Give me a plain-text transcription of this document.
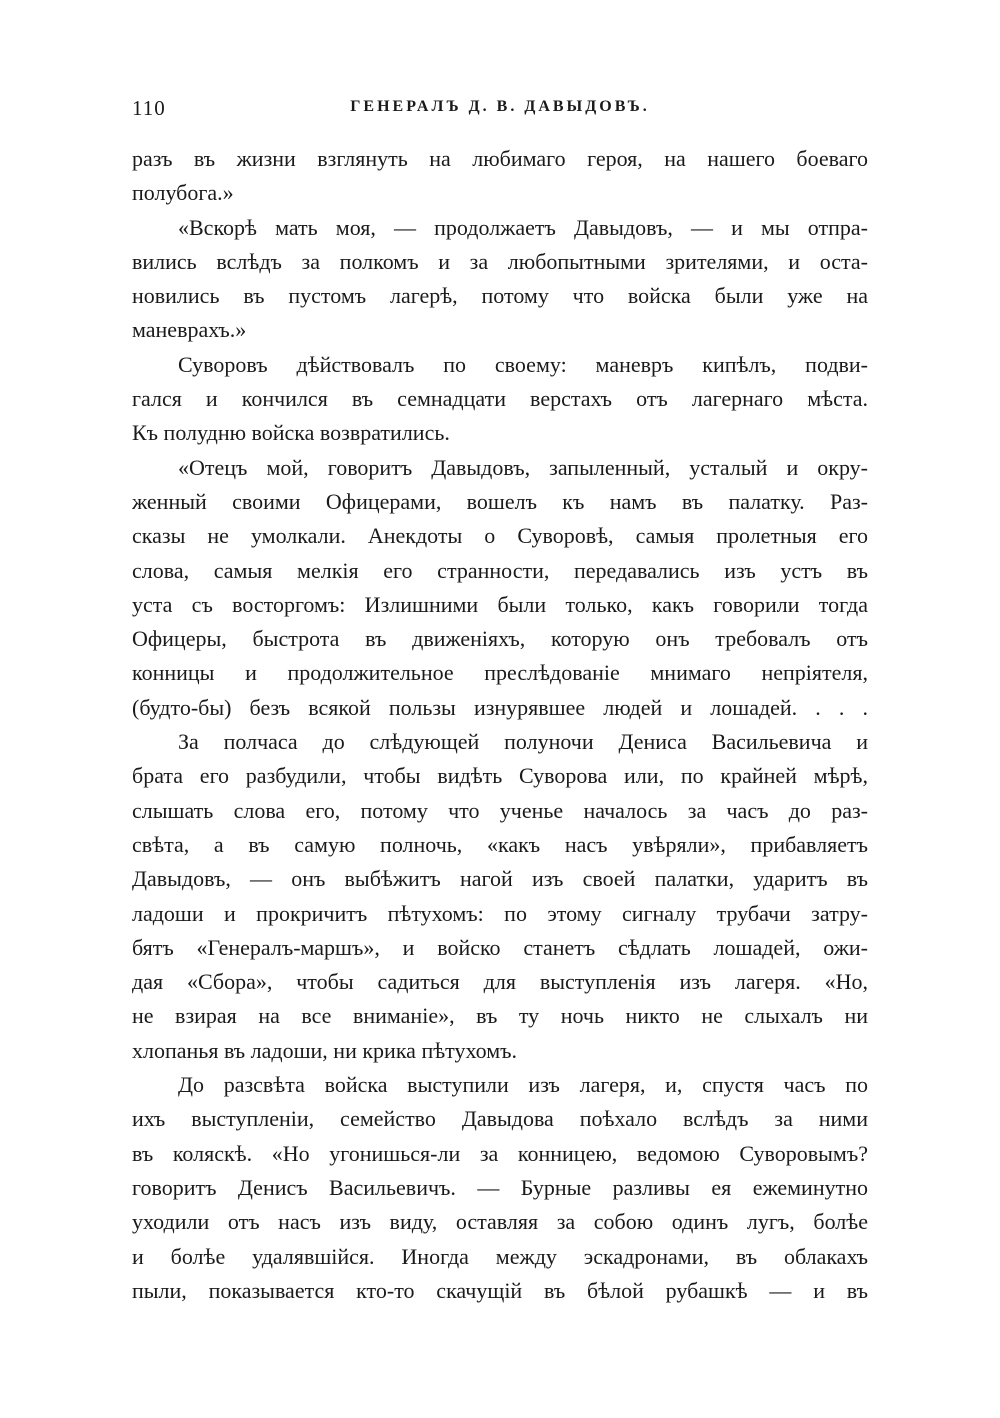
110	ГЕНЕРАЛЪ Д. В. ДАВЫДОВЪ.
разъ въ жизни взглянуть на любимаго героя, на нашего боеваго
полубога.»
«Вскорѣ мать моя, — продолжаетъ Давыдовъ, — и мы отпра-
вились вслѣдъ за полкомъ и за любопытными зрителями, и оста-
новились въ пустомъ лагерѣ, потому что войска были уже на
маневрахъ.»
Суворовъ дѣйствовалъ по своему: маневръ кипѣлъ, подви-
гался и кончился въ семнадцати верстахъ отъ лагернаго мѣста.
Къ полудню войска возвратились.
«Отецъ мой, говоритъ Давыдовъ, запыленный, усталый и окру-
женный своими Офицерами, вошелъ къ намъ въ палатку. Раз-
сказы не умолкали. Анекдоты о Суворовѣ, самыя пролетныя его
слова, самыя мелкія его странности, передавались изъ устъ въ
уста съ восторгомъ: Излишними были только, какъ говорили тогда
Офицеры, быстрота въ движеніяхъ, которую онъ требовалъ отъ
конницы и продолжительное преслѣдованіе мнимаго непріятеля,
(будто-бы) безъ всякой пользы изнурявшее людей и лошадей. . . .
За полчаса до слѣдующей полуночи Дениса Васильевича и
брата его разбудили, чтобы видѣть Суворова или, по крайней мѣрѣ,
слышать слова его, потому что ученье началось за часъ до раз-
свѣта, а въ самую полночь, «какъ насъ увѣряли», прибавляетъ
Давыдовъ, — онъ выбѣжитъ нагой изъ своей палатки, ударитъ въ
ладоши и прокричитъ пѣтухомъ: по этому сигналу трубачи затру-
бятъ «Генералъ-маршъ», и войско станетъ сѣдлать лошадей, ожи-
дая «Сбора», чтобы садиться для выступленія изъ лагеря. «Но,
не взирая на все вниманіе», въ ту ночь никто не слыхалъ ни
хлопанья въ ладоши, ни крика пѣтухомъ.
До разсвѣта войска выступили изъ лагеря, и, спустя часъ по
ихъ выступленіи, семейство Давыдова поѣхало вслѣдъ за ними
въ коляскѣ. «Но угонишься-ли за конницею, ведомою Суворовымъ?
говоритъ Денисъ Васильевичъ. — Бурные разливы ея ежеминутно
уходили отъ насъ изъ виду, оставляя за собою одинъ лугъ, болѣе
и болѣе удалявшійся. Иногда между эскадронами, въ облакахъ
пыли, показывается кто-то скачущій въ бѣлой рубашкѣ — и въ
